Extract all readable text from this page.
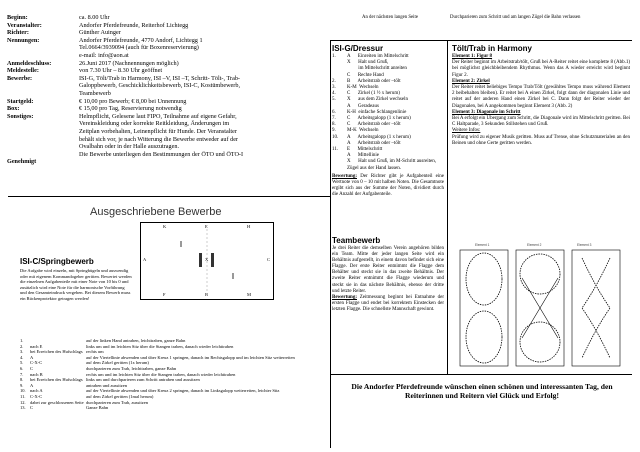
An der nächsten langen Seite	Durchparieren zum Schritt und am langen Zügel die Bahn verlassen
Beginn:	ca. 8.00 Uhr
Veranstalter:	Andorfer Pferdefreunde, Reiterhof Lichtegg
Richter:	Günther Auinger
Nennungen:	Andorfer Pferdefreunde, 4770 Andorf, Lichtegg 1
Tel.0664/3939094 (auch für Boxenreservierung)
e-mail: info@aon.at
Anmeldeschluss:	26.Juni 2017 (Nachnennungen möglich)
Meldestelle:	von 7.30 Uhr – 8.30 Uhr geöffnet
Bewerbe:	ISI-G, Tölt/Trab in Harmony, ISI –V, ISI –T, Schritt- Tölt-, Trab-
Galoppbewerb, Geschicklichkeitsbewerb, ISI-C, Kostümbewerb,
Teambewerb
Startgeld:	€ 10,00 pro Bewerb; € 8,00 bei Unnennung
Box:	€ 15,00 pro Tag, Reservierung notwendig
Sonstiges:	Helmpflicht, Gelesene laut FIPO, Teilnahme auf eigene Gefahr,
Vereinskleidung oder korrekte Reitkleidung, Änderungen im
Zeitplan vorbehalten, Leinenpflicht für Hunde. Der Veranstalter
behält sich vor, je nach Witterung die Bewerbe entweder auf der
Ovalbahn oder in der Halle auszutragen.
Die Bewerbe unterliegen den Bestimmungen der ÖTO und ÖTO-I
Genehmigt
Ausgeschriebene Bewerbe
ISI-C/Springbewerb
Die Aufgabe wird einzeln, mit Springbügeln und auswendig oder mit eigenem Kommandogeber geritten. Bewertet werden die einzelnen Aufgabenteile mit einer Note von 10 bis 0 und zusätzlich wird eine Note für die harmonische Vorführung und den Gesamteindruck vergeben. Bei diesem Bewerb muss ein Rückenprotektor getragen werden!
A
K	E	H
C
M
B
F
X
1.	auf der linken Hand antraben, leichttraben, ganze Bahn
2.	nach E	links um und im leichten Sitz über die Stangen traben, danach wieder leichttraben
3.	bei Erreichen des Hufschlags rechts um
4.	A	auf der Viertellinie abwenden und über Kreuz 1 springen, danach im Rechtsgalopp und im leichten Sitz weiterreiten
5.	C-X-C	auf dem Zirkel geritten (1x herum)
6.	C	durchparieren zum Trab, leichttraben, ganze Bahn
7.	nach B	rechts um und im leichten Sitz über die Stangen traben, danach wieder leichttraben
8.	bei Erreichen des Hufschlags links um und durchparieren zum Schritt antraben und aussitzen
9.	A	antraben und aussitzen
10. nach A	auf der Viertellinie abwenden und über Kreuz 2 springen, danach im Linksgalopp weiterreiten, leichter Sitz
11.	C-X-C	auf dem Zirkel geritten (1mal herum)
12. dabei zur geschlossenen Seite durchparieren zum Trab, aussitzen
13. C	Ganze Bahn
ISI-G/Dressur
1.	A      Einreiten im Mittelschritt
X      Halt und Gruß,
im Mittelschritt anreiten
C      Rechte Hand
2.	B      Arbeitstrab oder –tölt
3.	K-M  Wechseln
4.	C      Zirkel (1 ½ x herum)
5.	X      aus dem Zirkel wechseln
A      Geradeaus
6.	K-H  einfache Schlangenlinie
7.	C      Arbeitsgalopp (1 x herum)
8.	C      Arbeitstrab oder –tölt
9.	M-K  Wechseln
10.	A      Arbeitsgalopp (1 x herum)
A      Arbeitstrab oder –tölt
11.	E      Mittelschritt
A      Mittellinie
X      Halt und Gruß, im M-Schritt ausreiten, Zügel aus der Hand lassen.
Bewertung: Der Richter gibt je Aufgabenteil eine Wertnote von 0 – 10 mit halben Noten. Die Gesamtnote ergibt sich aus der Summe der Noten, dividiert durch die Anzahl der Aufgabenteile.
Teambewerb
Je drei Reiter die demselben Verein angehören bilden ein Team. Mitte der jeder langen Seite wird ein Behältnis aufgestellt, in einem davon befindet sich eine Flagge. Der erste Reiter entnimmt die Flagge dem Behälter und steckt sie in das zweite Behältnis. Der zweite Reiter entnimmt die Flagge wiederum und steckt sie in das nächste Behältnis, ebenso der dritte und letzte Reiter.
Bewertung: Zeitmessung beginnt bei Entnahme der ersten Flagge und endet bei korrektem Einstecken der letzten Flagge. Die schnellste Mannschaft gewinnt.
Tölt/Trab in Harmony
Element 1: Figur 8
Der Reiter beginnt im Arbeitstrab/tölt, Gruß bei A-Reiter reitet eine komplette 8 (Abb.1) bei möglichst gleichbleibendem Rhythmus. Wenn das A wieder erreicht wird beginnt Figur 2.
Element 2: Zirkel
Der Reiter reitet beliebiges Tempo Trab/Tölt (gewähltes Tempo muss während Element 2 beibehalten bleiben). Er reitet bei A einen Zirkel, folgt dann der diagonalen Linie und reitet auf der anderen Hand einen Zirkel bei C. Dann folgt der Reiter wieder der Diagonalen, bei A angekommen beginnt Element 3 (Abb. 2)
Element 3: Diagonale im Schritt
Bei A erfolgt ein Übergang zum Schritt, die Diagonale wird im Mittelschritt geritten. Bei C Haltparade, 3 Sekunden Stillstehen und Gruß.
Weitere Infos:
Prüfung wird zu eigener Musik geritten. Muss auf Trense, ohne Schutzmaterialen an den Beinen und ohne Gerte geritten werden.
Element 1	Element 2	Element 3
Die Andorfer Pferdefreunde wünschen einen schönen und interessanten Tag, den Reiterinnen und Reitern viel Glück und Erfolg!
